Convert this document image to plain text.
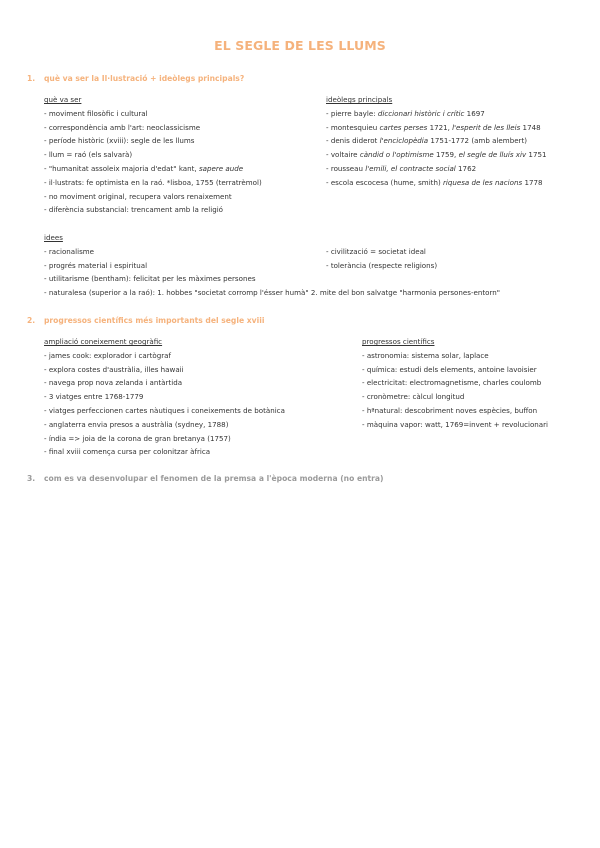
EL SEGLE DE LES LLUMS
1. què va ser la Il·lustració + ideòlegs principals?
què va ser
- moviment filosòfic i cultural
- correspondència amb l'art: neoclassicisme
- període històric (xviii): segle de les llums
- llum = raó (els salvarà)
- "humanitat assoleix majoria d'edat" kant, sapere aude
- il·lustrats: fe optimista en la raó. *lisboa, 1755 (terratrèmol)
- no moviment original, recupera valors renaixement
- diferència substancial: trencament amb la religió
ideòlegs principals
- pierre bayle: diccionari històric i crític 1697
- montesquieu cartes perses 1721, l'esperit de les lleis 1748
- denis diderot l'enciclopèdia 1751-1772 (amb alembert)
- voltaire càndid o l'optimisme 1759, el segle de lluís xiv 1751
- rousseau l'emili, el contracte social 1762
- escola escocesa (hume, smith) riquesa de les nacions 1778
idees
- racionalisme
- progrés material i espiritual
- utilitarisme (bentham): felicitat per les màximes persones
- naturalesa (superior a la raó): 1. hobbes "societat corromp l'ésser humà" 2. mite del bon salvatge "harmonia persones-entorn"
- civilització = societat ideal
- tolerància (respecte religions)
2. progressos científics més importants del segle xviii
ampliació coneixement geogràfic
- james cook: explorador i cartògraf
- explora costes d'austràlia, illes hawaii
- navega prop nova zelanda i antàrtida
- 3 viatges entre 1768-1779
- viatges perfeccionen cartes nàutiques i coneixements de botànica
- anglaterra envia presos a austràlia (sydney, 1788)
- índia => joia de la corona de gran bretanya (1757)
- final xviii comença cursa per colonitzar àfrica
progressos científics
- astronomia: sistema solar, laplace
- química: estudi dels elements, antoine lavoisier
- electricitat: electromagnetisme, charles coulomb
- cronòmetre: càlcul longitud
- hªnatural: descobriment noves espècies, buffon
- màquina vapor: watt, 1769=invent + revolucionari
3. com es va desenvolupar el fenomen de la premsa a l'època moderna (no entra)
